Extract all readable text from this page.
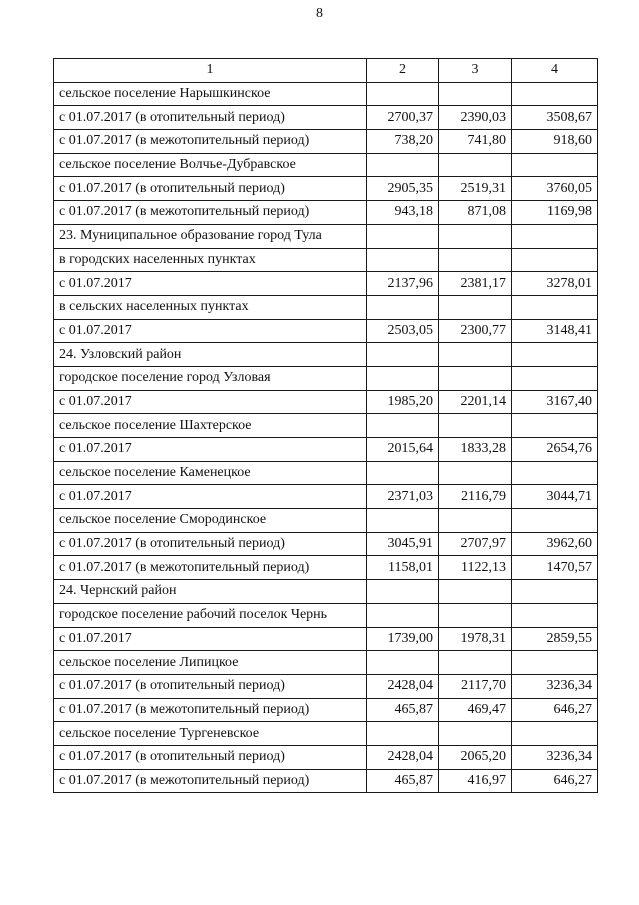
8
1	2	3	4
сельское поселение Нарышкинское			
с 01.07.2017 (в отопительный период)	2700,37	2390,03	3508,67
с 01.07.2017 (в межотопительный период)	738,20	741,80	918,60
сельское поселение Волчье-Дубравское			
с 01.07.2017 (в отопительный период)	2905,35	2519,31	3760,05
с 01.07.2017 (в межотопительный период)	943,18	871,08	1169,98
23. Муниципальное образование город Тула			
в городских населенных пунктах			
с 01.07.2017	2137,96	2381,17	3278,01
в сельских населенных пунктах			
с 01.07.2017	2503,05	2300,77	3148,41
24. Узловский район			
городское поселение город Узловая			
с 01.07.2017	1985,20	2201,14	3167,40
сельское поселение Шахтерское			
с 01.07.2017	2015,64	1833,28	2654,76
сельское поселение Каменецкое			
с 01.07.2017	2371,03	2116,79	3044,71
сельское поселение Смородинское			
с 01.07.2017 (в отопительный период)	3045,91	2707,97	3962,60
с 01.07.2017 (в межотопительный период)	1158,01	1122,13	1470,57
24. Чернский район			
городское поселение рабочий поселок Чернь			
с 01.07.2017	1739,00	1978,31	2859,55
сельское поселение Липицкое			
с 01.07.2017 (в отопительный период)	2428,04	2117,70	3236,34
с 01.07.2017 (в межотопительный период)	465,87	469,47	646,27
сельское поселение Тургеневское			
с 01.07.2017 (в отопительный период)	2428,04	2065,20	3236,34
с 01.07.2017 (в межотопительный период)	465,87	416,97	646,27
